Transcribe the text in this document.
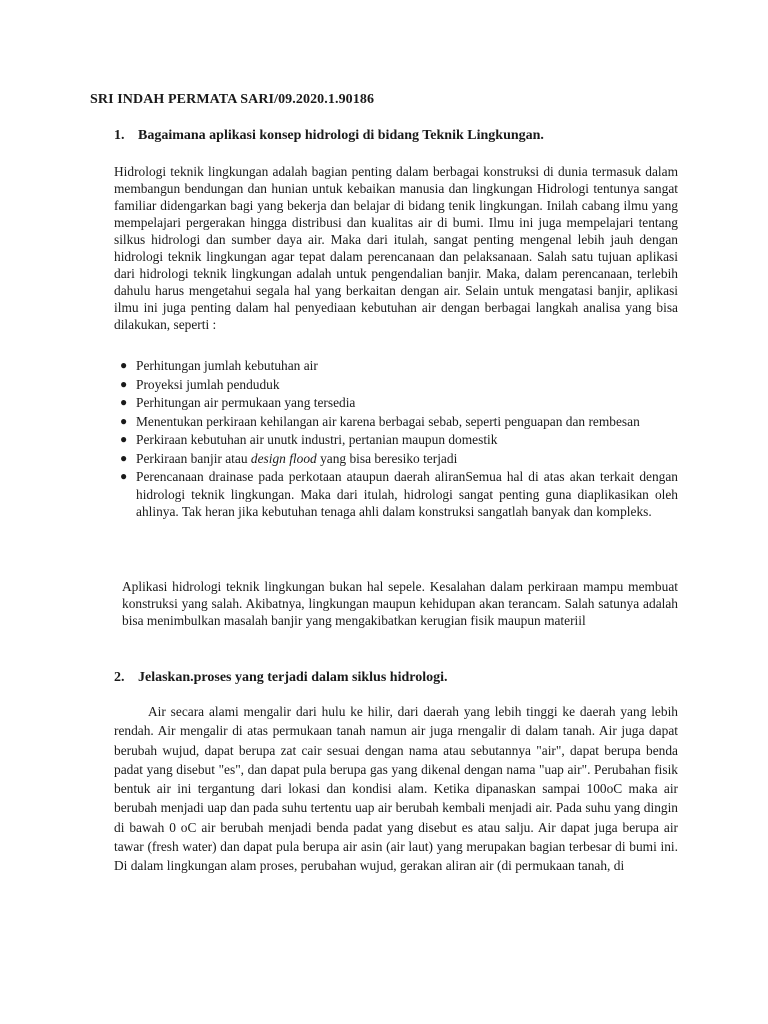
SRI INDAH PERMATA SARI/09.2020.1.90186
1. Bagaimana aplikasi konsep hidrologi di bidang Teknik Lingkungan.
Hidrologi teknik lingkungan adalah bagian penting dalam berbagai konstruksi di dunia termasuk dalam membangun bendungan dan hunian untuk kebaikan manusia dan lingkungan Hidrologi tentunya sangat familiar didengarkan bagi yang bekerja dan belajar di bidang tenik lingkungan. Inilah cabang ilmu yang mempelajari pergerakan hingga distribusi dan kualitas air di bumi. Ilmu ini juga mempelajari tentang silkus hidrologi dan sumber daya air. Maka dari itulah, sangat penting mengenal lebih jauh dengan hidrologi teknik lingkungan agar tepat dalam perencanaan dan pelaksanaan. Salah satu tujuan aplikasi dari hidrologi teknik lingkungan adalah untuk pengendalian banjir. Maka, dalam perencanaan, terlebih dahulu harus mengetahui segala hal yang berkaitan dengan air. Selain untuk mengatasi banjir, aplikasi ilmu ini juga penting dalam hal penyediaan kebutuhan air dengan berbagai langkah analisa yang bisa dilakukan, seperti :
● Perhitungan jumlah kebutuhan air
● Proyeksi jumlah penduduk
● Perhitungan air permukaan yang tersedia
● Menentukan perkiraan kehilangan air karena berbagai sebab, seperti penguapan dan rembesan
● Perkiraan kebutuhan air unutk industri, pertanian maupun domestik
● Perkiraan banjir atau design flood yang bisa beresiko terjadi
● Perencanaan drainase pada perkotaan ataupun daerah aliranSemua hal di atas akan terkait dengan hidrologi teknik lingkungan. Maka dari itulah, hidrologi sangat penting guna diaplikasikan oleh ahlinya. Tak heran jika kebutuhan tenaga ahli dalam konstruksi sangatlah banyak dan kompleks.
Aplikasi hidrologi teknik lingkungan bukan hal sepele. Kesalahan dalam perkiraan mampu membuat konstruksi yang salah. Akibatnya, lingkungan maupun kehidupan akan terancam. Salah satunya adalah bisa menimbulkan masalah banjir yang mengakibatkan kerugian fisik maupun materiil
2. Jelaskan.proses yang terjadi dalam siklus hidrologi.
Air secara alami mengalir dari hulu ke hilir, dari daerah yang lebih tinggi ke daerah yang lebih rendah. Air mengalir di atas permukaan tanah namun air juga rnengalir di dalam tanah. Air juga dapat berubah wujud, dapat berupa zat cair sesuai dengan nama atau sebutannya "air", dapat berupa benda padat yang disebut "es", dan dapat pula berupa gas yang dikenal dengan nama "uap air". Perubahan fisik bentuk air ini tergantung dari lokasi dan kondisi alam. Ketika dipanaskan sampai 100oC maka air berubah menjadi uap dan pada suhu tertentu uap air berubah kembali menjadi air. Pada suhu yang dingin di bawah 0 oC air berubah menjadi benda padat yang disebut es atau salju. Air dapat juga berupa air tawar (fresh water) dan dapat pula berupa air asin (air laut) yang merupakan bagian terbesar di bumi ini. Di dalam lingkungan alam proses, perubahan wujud, gerakan aliran air (di permukaan tanah, di
